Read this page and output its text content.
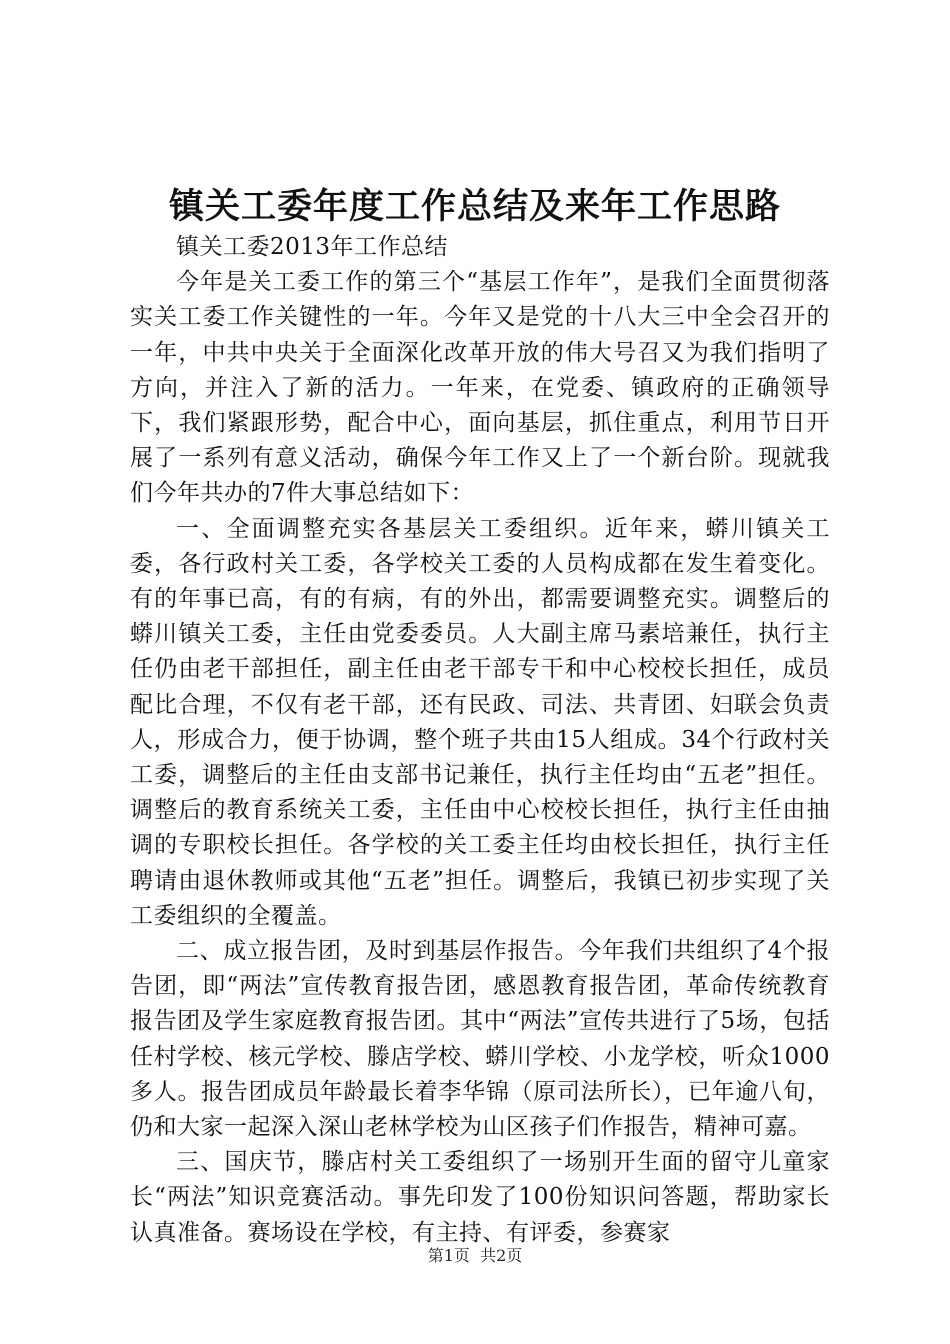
镇关工委年度工作总结及来年工作思路

镇关工委2013年工作总结

今年是关工委工作的第三个“基层工作年”，是我们全面贯彻落实关工委工作关键性的一年。今年又是党的十八大三中全会召开的一年，中共中央关于全面深化改革开放的伟大号召又为我们指明了方向，并注入了新的活力。一年来，在党委、镇政府的正确领导下，我们紧跟形势，配合中心，面向基层，抓住重点，利用节日开展了一系列有意义活动，确保今年工作又上了一个新台阶。现就我们今年共办的7件大事总结如下：

一、全面调整充实各基层关工委组织。近年来，蟒川镇关工委，各行政村关工委，各学校关工委的人员构成都在发生着变化。有的年事已高，有的有病，有的外出，都需要调整充实。调整后的蟒川镇关工委，主任由党委委员。人大副主席马素培兼任，执行主任仍由老干部担任，副主任由老干部专干和中心校校长担任，成员配比合理，不仅有老干部，还有民政、司法、共青团、妇联会负责人，形成合力，便于协调，整个班子共由15人组成。34个行政村关工委，调整后的主任由支部书记兼任，执行主任均由“五老”担任。调整后的教育系统关工委，主任由中心校校长担任，执行主任由抽调的专职校长担任。各学校的关工委主任均由校长担任，执行主任聘请由退休教师或其他“五老”担任。调整后，我镇已初步实现了关工委组织的全覆盖。

二、成立报告团，及时到基层作报告。今年我们共组织了4个报告团，即“两法”宣传教育报告团，感恩教育报告团，革命传统教育报告团及学生家庭教育报告团。其中“两法”宣传共进行了5场，包括任村学校、核元学校、滕店学校、蟒川学校、小龙学校，听众1000多人。报告团成员年龄最长着李华锦（原司法所长），已年逾八旬，仍和大家一起深入深山老林学校为山区孩子们作报告，精神可嘉。

三、国庆节，滕店村关工委组织了一场别开生面的留守儿童家长“两法”知识竞赛活动。事先印发了100份知识问答题，帮助家长认真准备。赛场设在学校，有主持、有评委，参赛家

第1页 共2页
